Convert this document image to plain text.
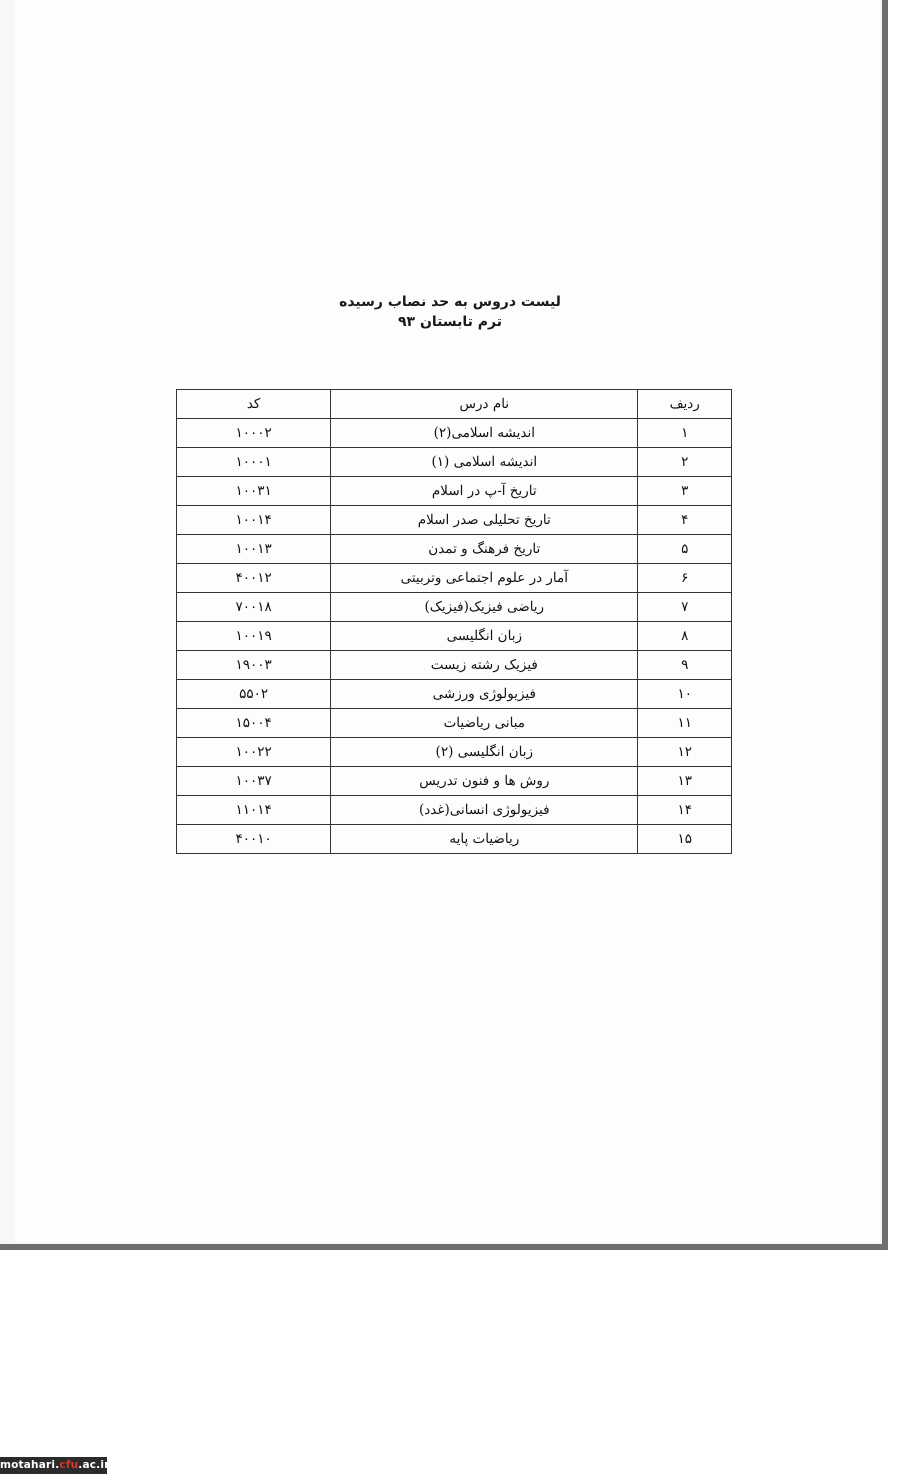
لیست دروس به حد نصاب رسیده
ترم تابستان ۹۳
ردیف	نام درس	کد
۱	اندیشه اسلامی(۲)	۱۰۰۰۲
۲	اندیشه اسلامی (۱)	۱۰۰۰۱
۳	تاریخ آ-پ در اسلام	۱۰۰۳۱
۴	تاریخ تحلیلی صدر اسلام	۱۰۰۱۴
۵	تاریخ فرهنگ و تمدن	۱۰۰۱۳
۶	آمار در علوم اجتماعی وتربیتی	۴۰۰۱۲
۷	ریاضی فیزیک(فیزیک)	۷۰۰۱۸
۸	زبان انگلیسی	۱۰۰۱۹
۹	فیزیک رشته زیست	۱۹۰۰۳
۱۰	فیزیولوژی ورزشی	۵۵۰۲
۱۱	مبانی ریاضیات	۱۵۰۰۴
۱۲	زبان انگلیسی (۲)	۱۰۰۲۲
۱۳	روش ها و فنون تدریس	۱۰۰۳۷
۱۴	فیزیولوژی انسانی(غدد)	۱۱۰۱۴
۱۵	ریاضیات پایه	۴۰۰۱۰
motahari.cfu.ac.ir
